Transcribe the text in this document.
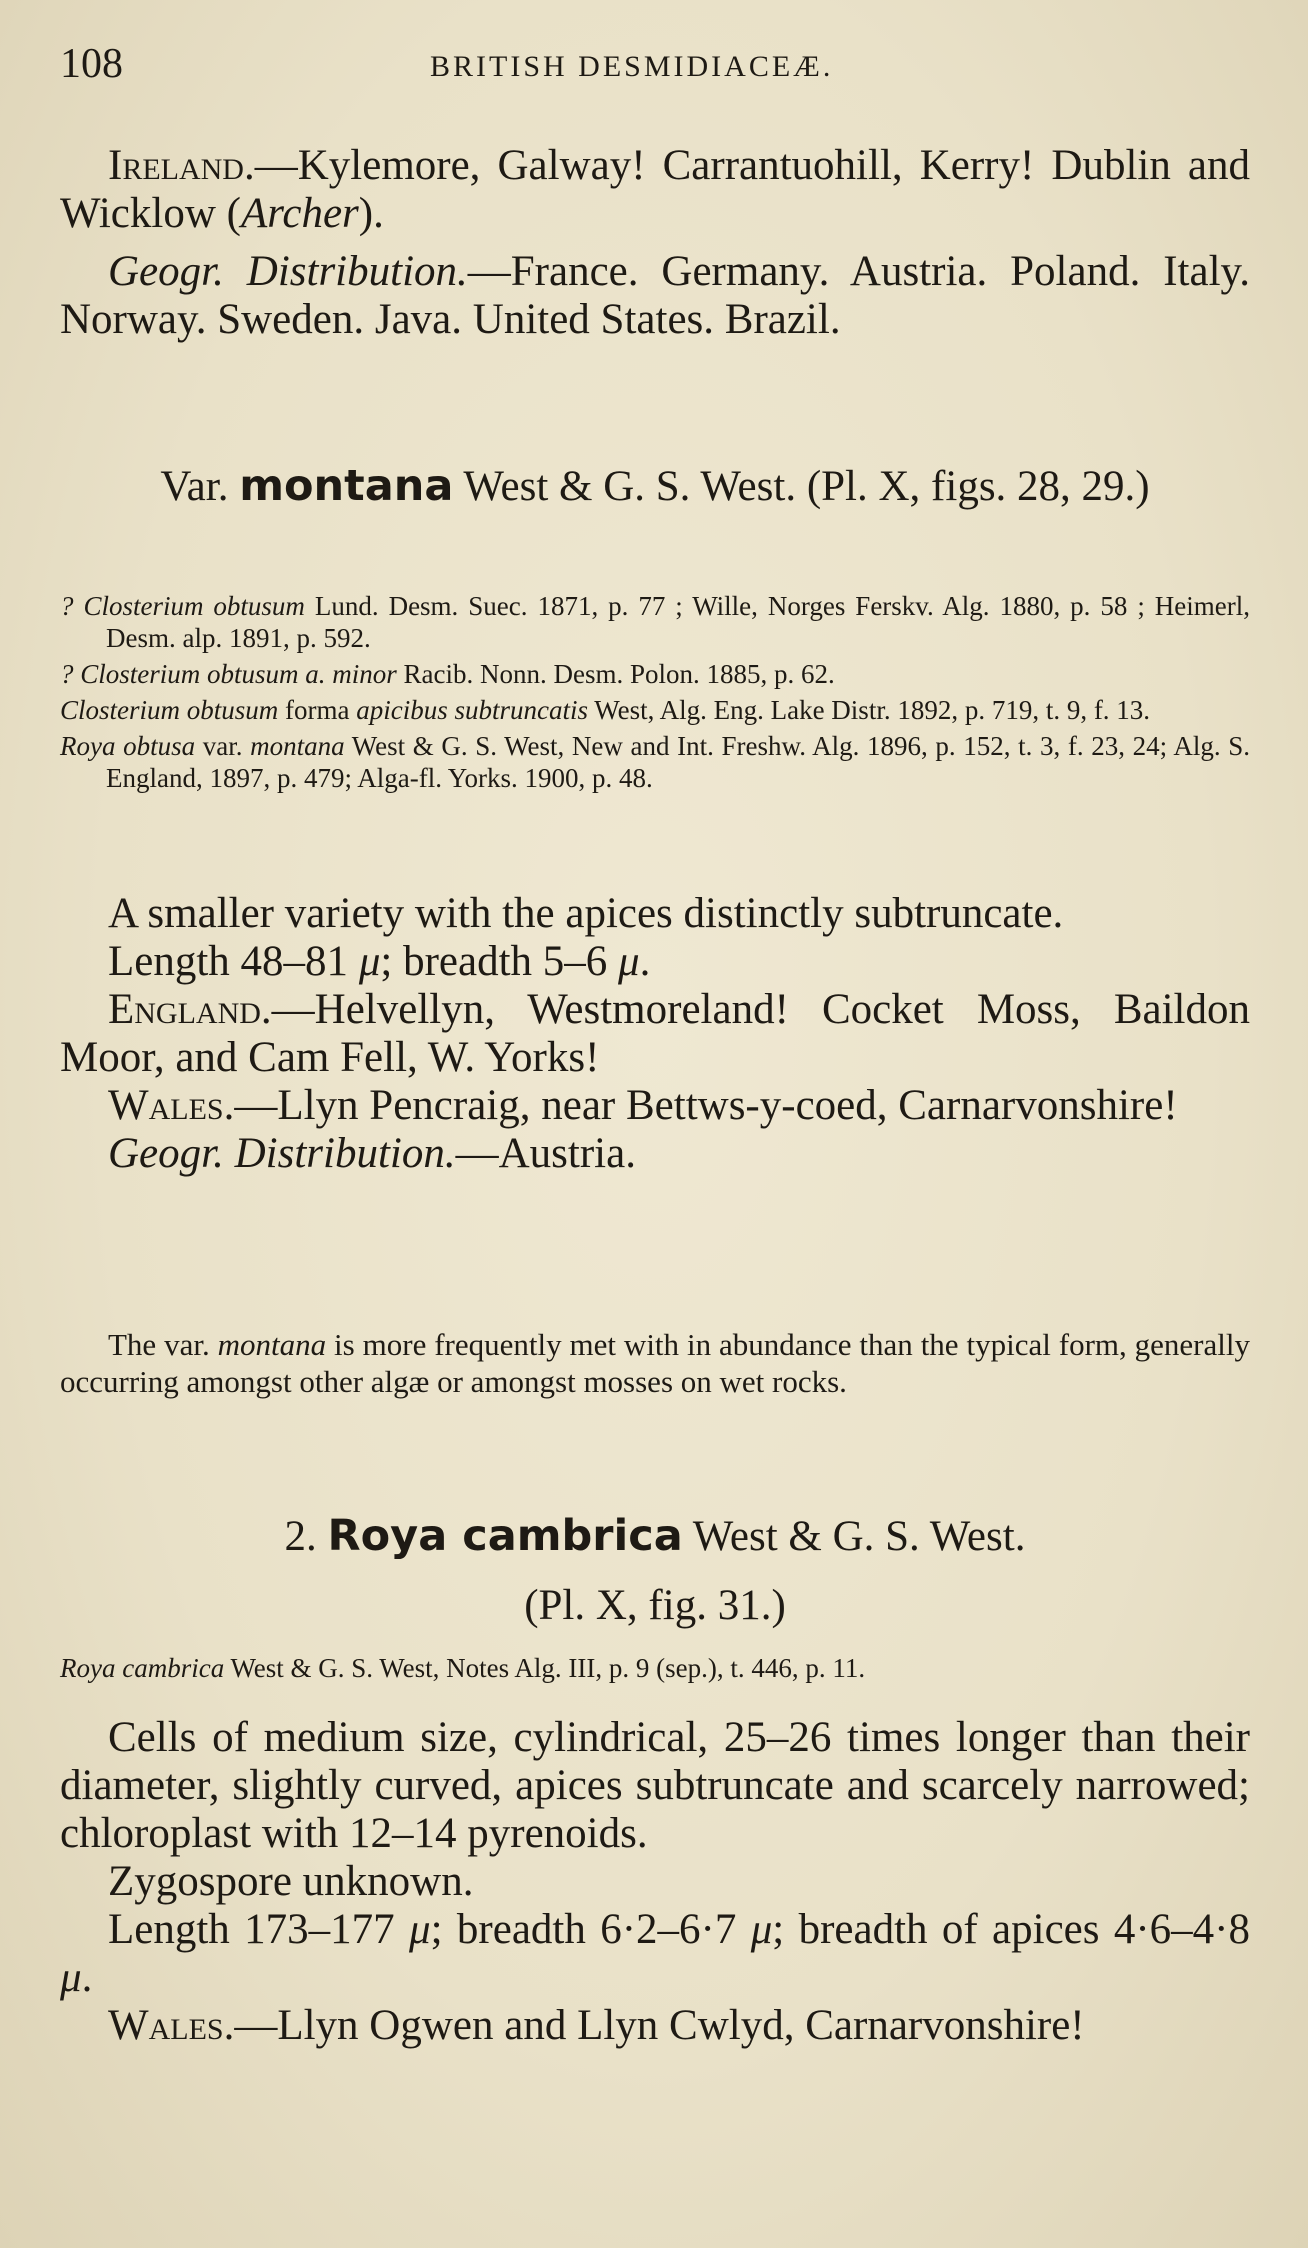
108	BRITISH DESMIDIACEÆ.

Ireland.—Kylemore, Galway! Carrantuohill, Kerry! Dublin and Wicklow (Archer).

Geogr. Distribution.—France. Germany. Austria. Poland. Italy. Norway. Sweden. Java. United States. Brazil.

Var. montana West & G. S. West. (Pl. X, figs. 28, 29.)

? Closterium obtusum Lund. Desm. Suec. 1871, p. 77 ; Wille, Norges Ferskv. Alg. 1880, p. 58 ; Heimerl, Desm. alp. 1891, p. 592.

? Closterium obtusum a. minor Racib. Nonn. Desm. Polon. 1885, p. 62.

Closterium obtusum forma apicibus subtruncatis West, Alg. Eng. Lake Distr. 1892, p. 719, t. 9, f. 13.

Roya obtusa var. montana West & G. S. West, New and Int. Freshw. Alg. 1896, p. 152, t. 3, f. 23, 24; Alg. S. England, 1897, p. 479; Alga-fl. Yorks. 1900, p. 48.

A smaller variety with the apices distinctly subtruncate.

Length 48–81 μ; breadth 5–6 μ.

England.—Helvellyn, Westmoreland! Cocket Moss, Baildon Moor, and Cam Fell, W. Yorks!

Wales.—Llyn Pencraig, near Bettws-y-coed, Carnarvonshire!

Geogr. Distribution.—Austria.

The var. montana is more frequently met with in abundance than the typical form, generally occurring amongst other algæ or amongst mosses on wet rocks.

2. Roya cambrica West & G. S. West.
(Pl. X, fig. 31.)

Roya cambrica West & G. S. West, Notes Alg. III, p. 9 (sep.), t. 446, p. 11.

Cells of medium size, cylindrical, 25–26 times longer than their diameter, slightly curved, apices subtruncate and scarcely narrowed; chloroplast with 12–14 pyrenoids.

Zygospore unknown.

Length 173–177 μ; breadth 6·2–6·7 μ; breadth of apices 4·6–4·8 μ.

Wales.—Llyn Ogwen and Llyn Cwlyd, Carnarvonshire!
